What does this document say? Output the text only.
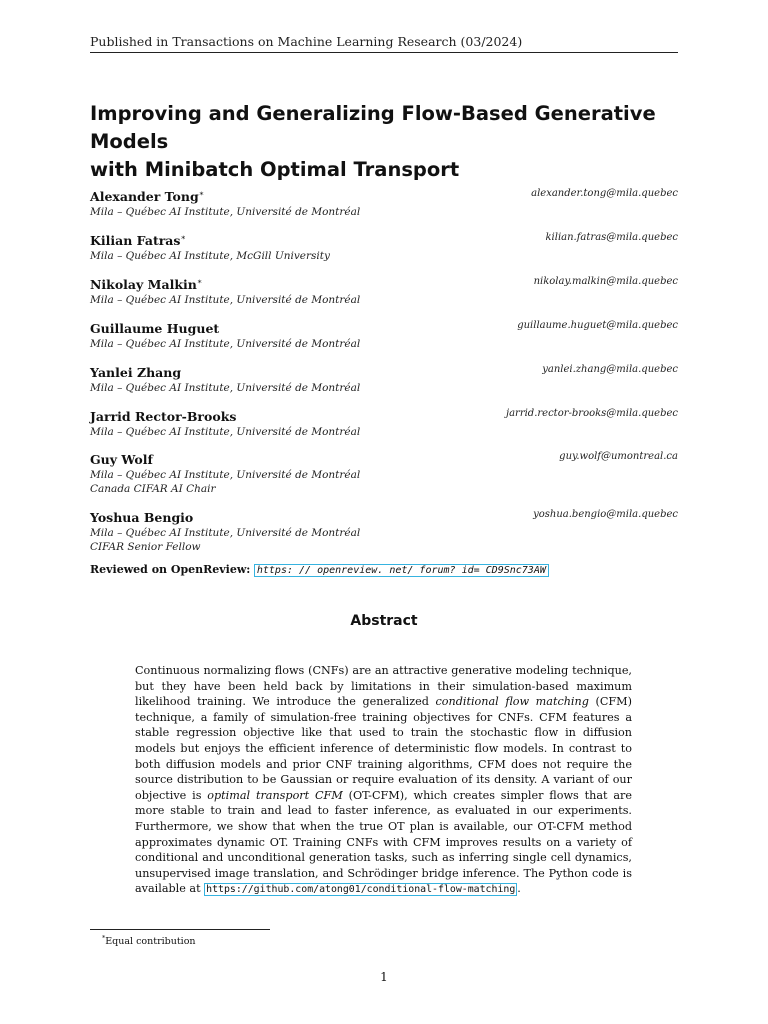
Published in Transactions on Machine Learning Research (03/2024)
Improving and Generalizing Flow-Based Generative Models
with Minibatch Optimal Transport
Alexander Tong∗
Mila – Québec AI Institute, Université de Montréal
alexander.tong@mila.quebec
Kilian Fatras∗
Mila – Québec AI Institute, McGill University
kilian.fatras@mila.quebec
Nikolay Malkin∗
Mila – Québec AI Institute, Université de Montréal
nikolay.malkin@mila.quebec
Guillaume Huguet
Mila – Québec AI Institute, Université de Montréal
guillaume.huguet@mila.quebec
Yanlei Zhang
Mila – Québec AI Institute, Université de Montréal
yanlei.zhang@mila.quebec
Jarrid Rector-Brooks
Mila – Québec AI Institute, Université de Montréal
jarrid.rector-brooks@mila.quebec
Guy Wolf
Mila – Québec AI Institute, Université de Montréal
Canada CIFAR AI Chair
guy.wolf@umontreal.ca
Yoshua Bengio
Mila – Québec AI Institute, Université de Montréal
CIFAR Senior Fellow
yoshua.bengio@mila.quebec
Reviewed on OpenReview: https: // openreview. net/ forum? id= CD9Snc73AW
Abstract
Continuous normalizing flows (CNFs) are an attractive generative modeling technique, but they have been held back by limitations in their simulation-based maximum likelihood training. We introduce the generalized conditional flow matching (CFM) technique, a family of simulation-free training objectives for CNFs. CFM features a stable regression objective like that used to train the stochastic flow in diffusion models but enjoys the efficient inference of deterministic flow models. In contrast to both diffusion models and prior CNF training algorithms, CFM does not require the source distribution to be Gaussian or require evaluation of its density. A variant of our objective is optimal transport CFM (OT-CFM), which creates simpler flows that are more stable to train and lead to faster inference, as evaluated in our experiments. Furthermore, we show that when the true OT plan is available, our OT-CFM method approximates dynamic OT. Training CNFs with CFM improves results on a variety of conditional and unconditional generation tasks, such as inferring single cell dynamics, unsupervised image translation, and Schrödinger bridge inference. The Python code is available at https://github.com/atong01/conditional-flow-matching .
*Equal contribution
1
